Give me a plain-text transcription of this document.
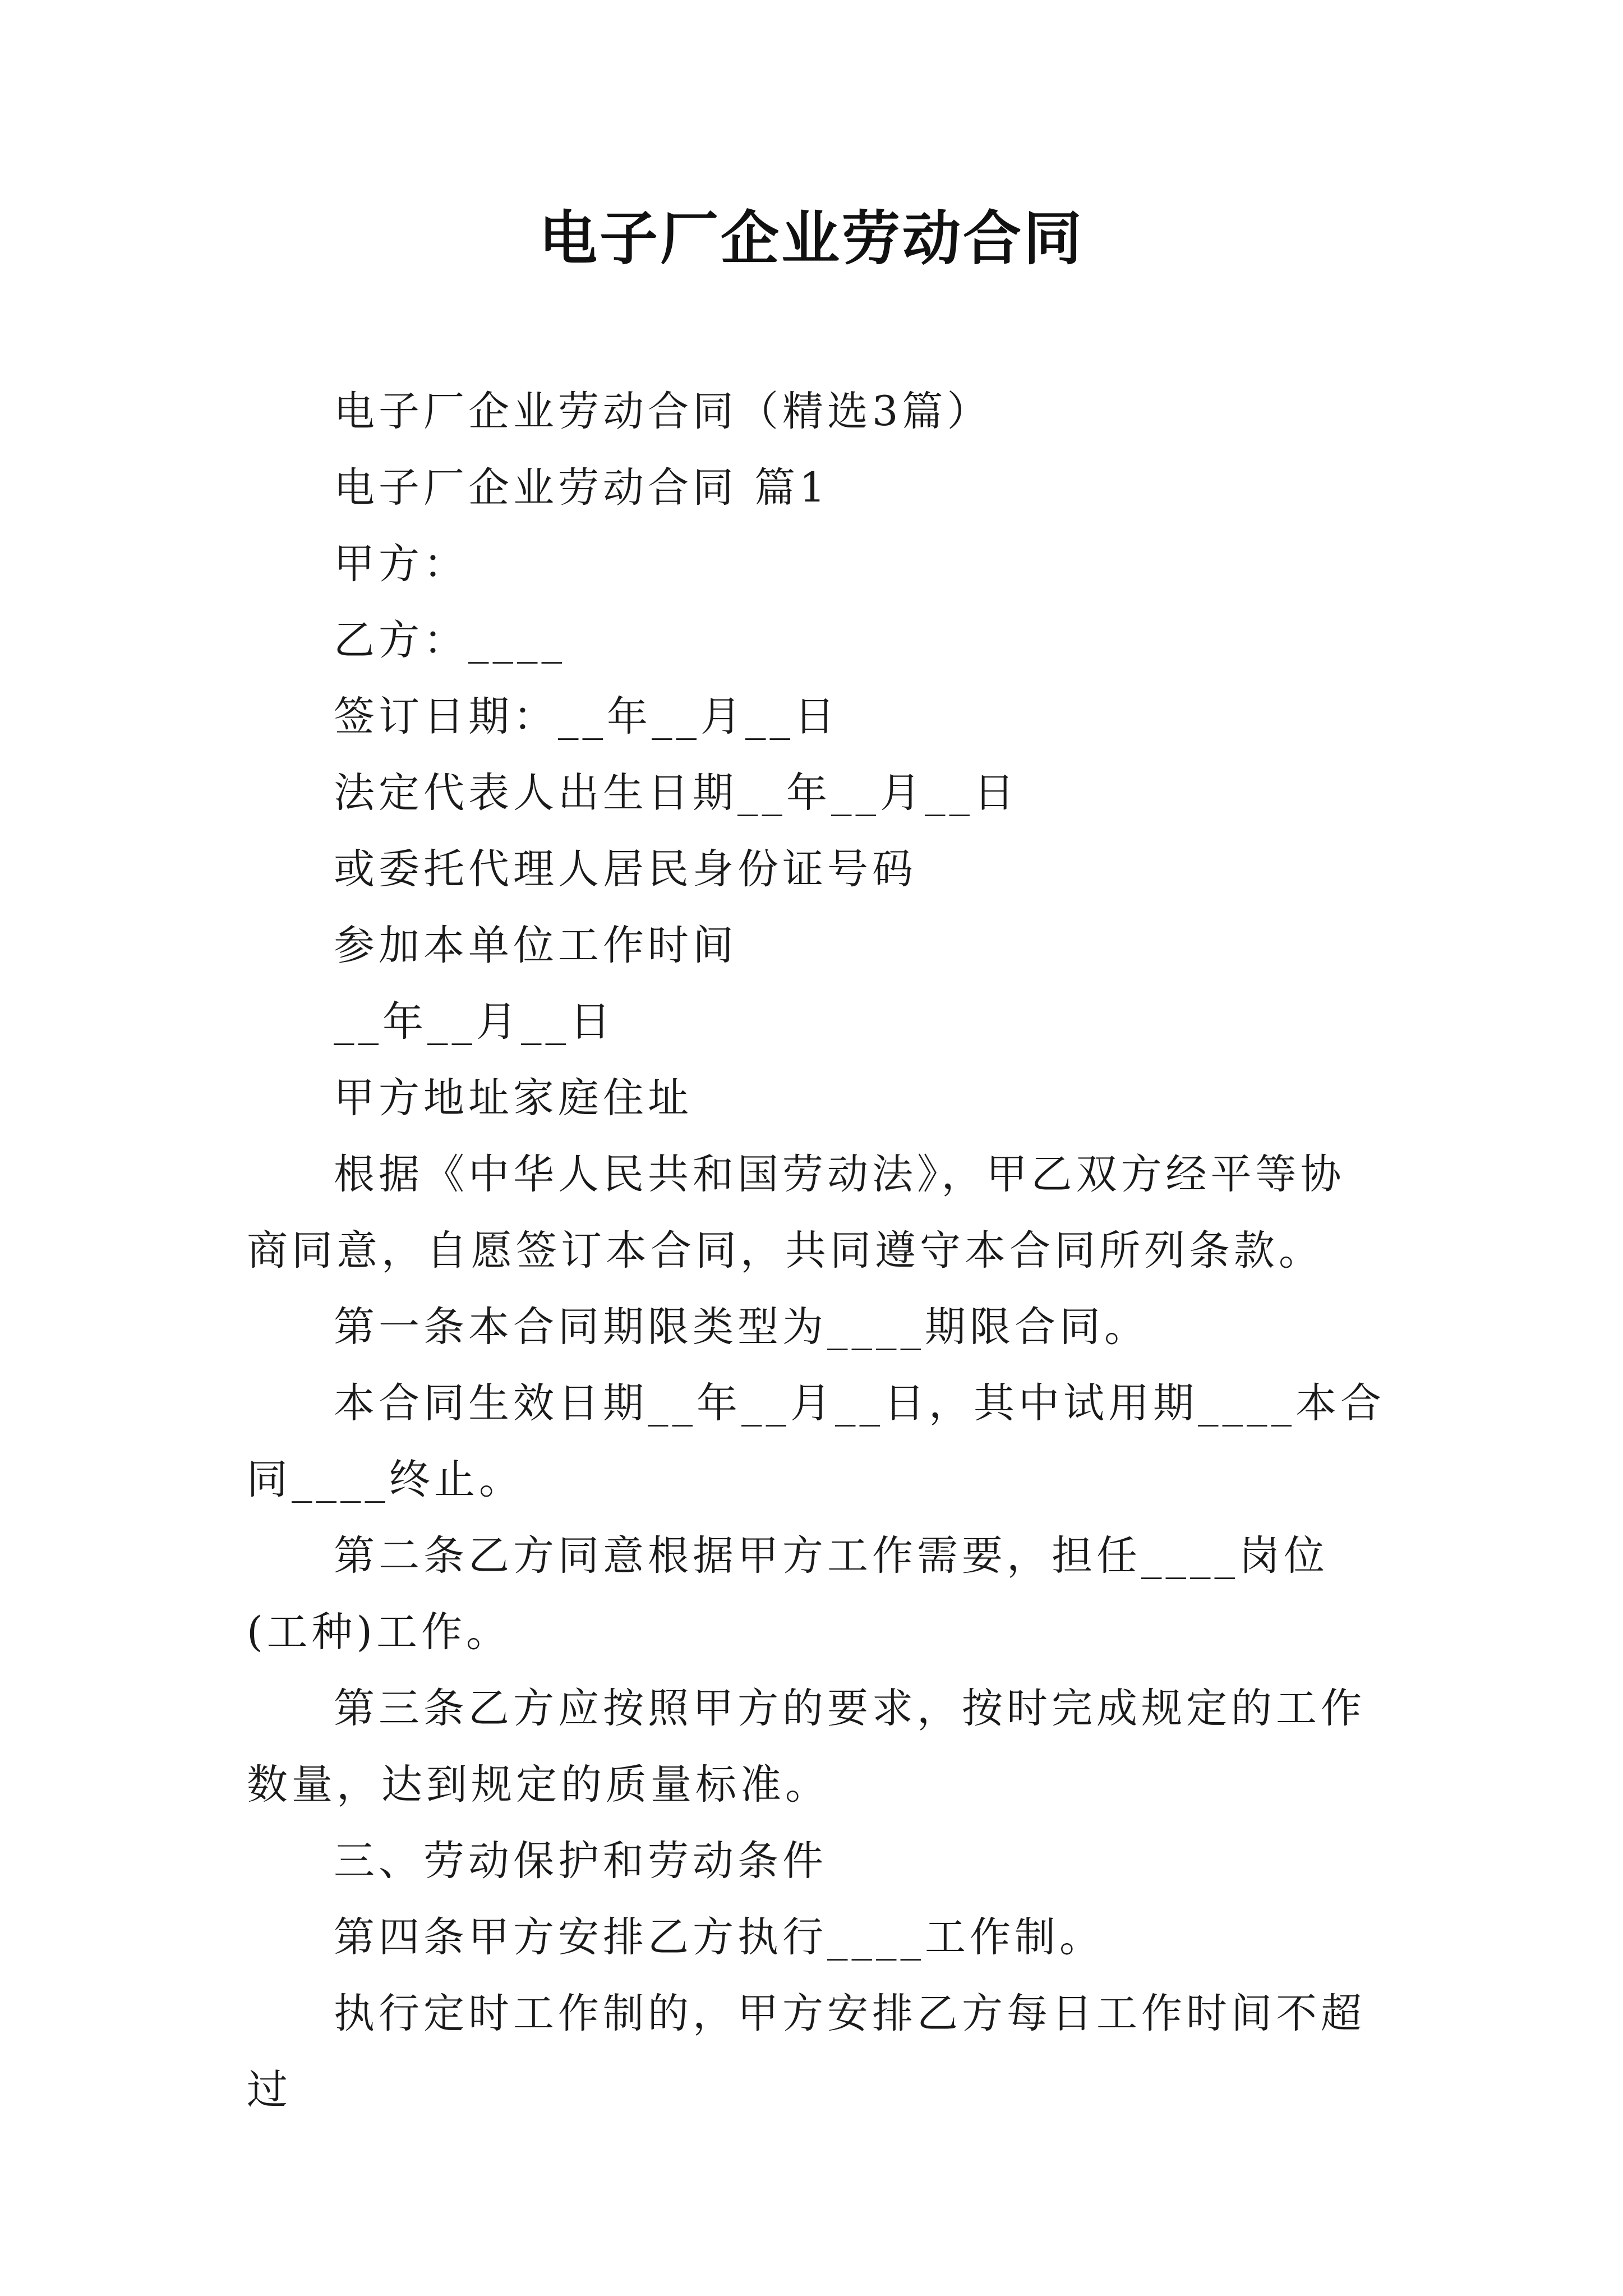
电子厂企业劳动合同

电子厂企业劳动合同（精选3篇）

电子厂企业劳动合同 篇1

甲方：

乙方：____

签订日期：__年__月__日

法定代表人出生日期__年__月__日

或委托代理人居民身份证号码

参加本单位工作时间

__年__月__日

甲方地址家庭住址

根据《中华人民共和国劳动法》，甲乙双方经平等协商同意，自愿签订本合同，共同遵守本合同所列条款。

第一条本合同期限类型为____期限合同。

本合同生效日期__年__月__日，其中试用期____本合同____终止。

第二条乙方同意根据甲方工作需要，担任____岗位(工种)工作。

第三条乙方应按照甲方的要求，按时完成规定的工作数量，达到规定的质量标准。

三、劳动保护和劳动条件

第四条甲方安排乙方执行____工作制。

执行定时工作制的，甲方安排乙方每日工作时间不超过
